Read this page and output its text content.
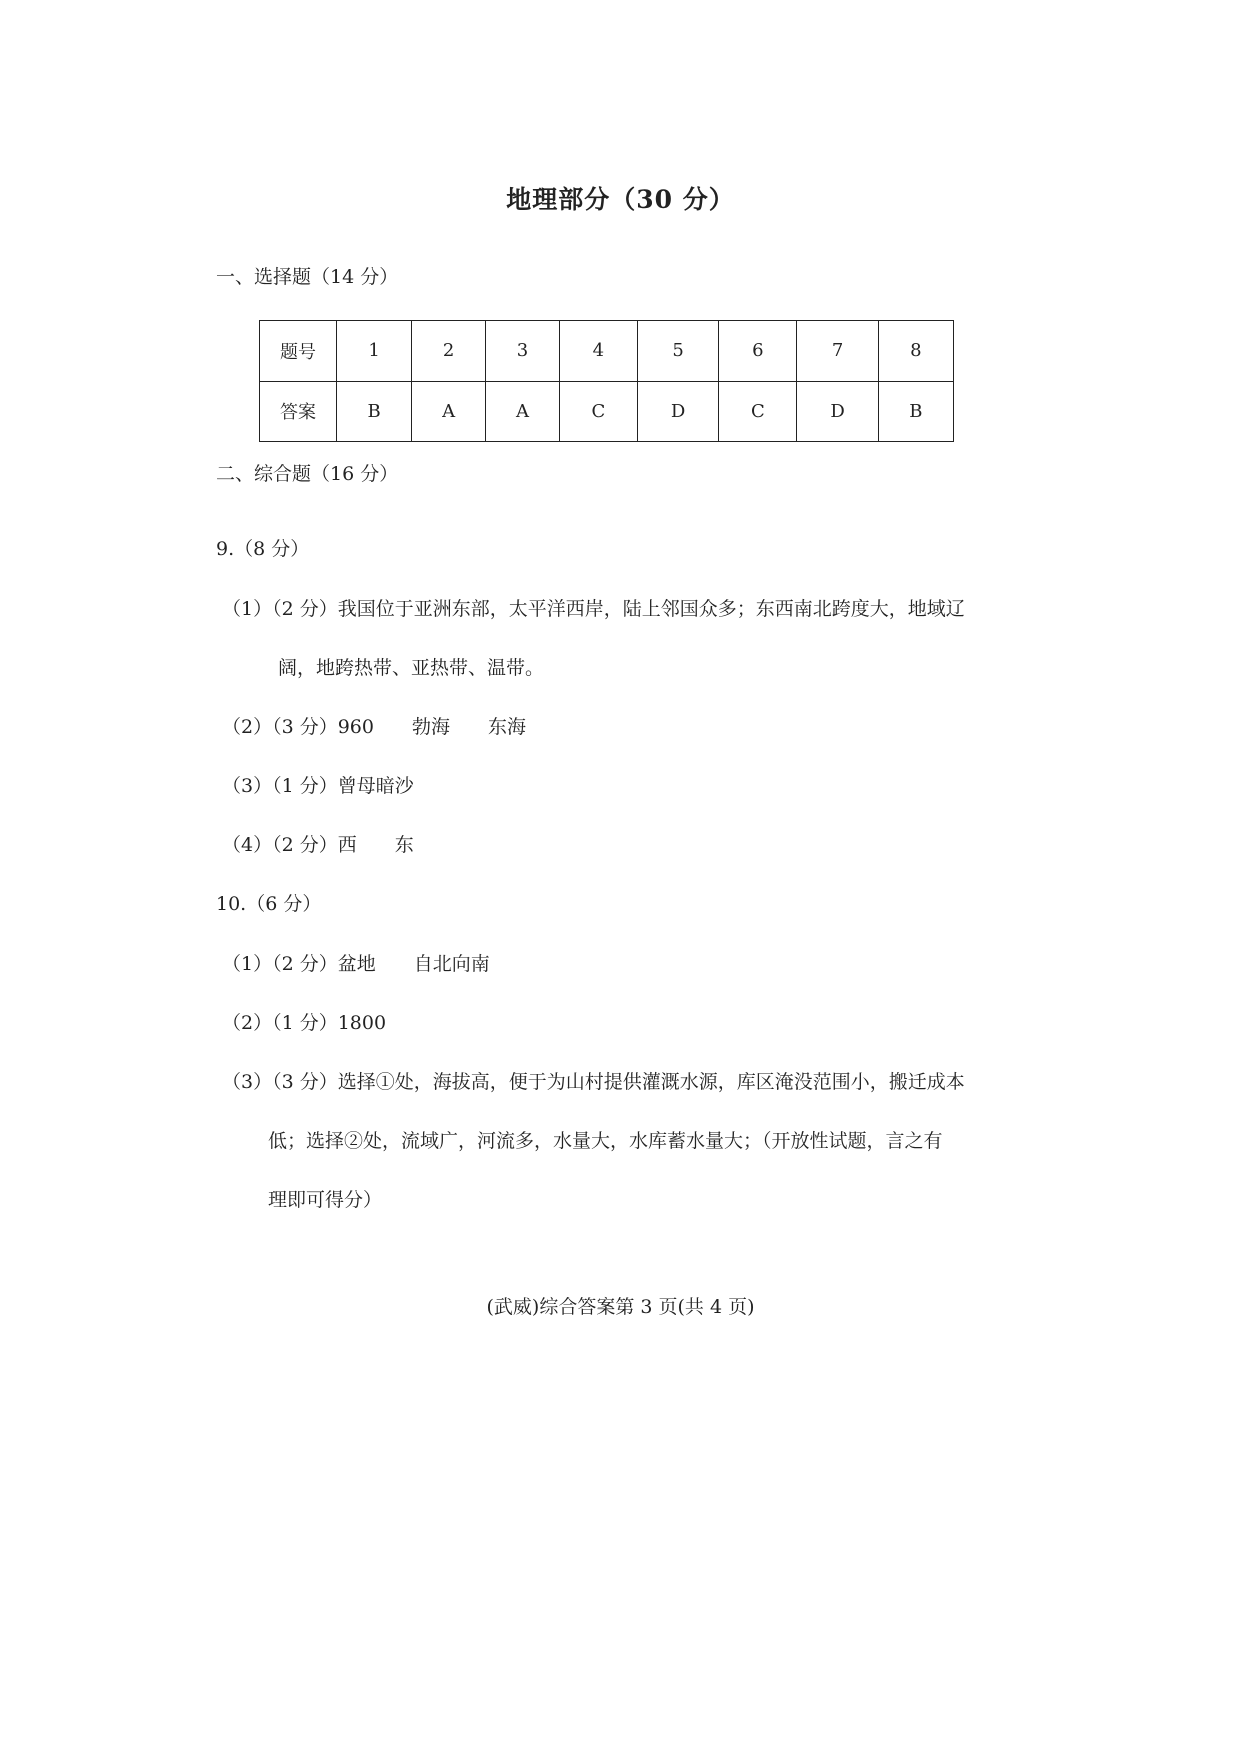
地理部分（30 分）
一、选择题（14 分）
题号	1	2	3	4	5	6	7	8
答案	B	A	A	C	D	C	D	B
二、综合题（16 分）
9.（8 分）
（1）（2 分）我国位于亚洲东部，太平洋西岸，陆上邻国众多；东西南北跨度大，地域辽
阔，地跨热带、亚热带、温带。
（2）（3 分）960　　勃海　　东海
（3）（1 分）曾母暗沙
（4）（2 分）西　　东
10.（6 分）
（1）（2 分）盆地　　自北向南
（2）（1 分）1800
（3）（3 分）选择①处，海拔高，便于为山村提供灌溉水源，库区淹没范围小，搬迁成本
低；选择②处，流域广，河流多，水量大，水库蓄水量大；（开放性试题，言之有
理即可得分）
(武威)综合答案第 3 页(共 4 页)
